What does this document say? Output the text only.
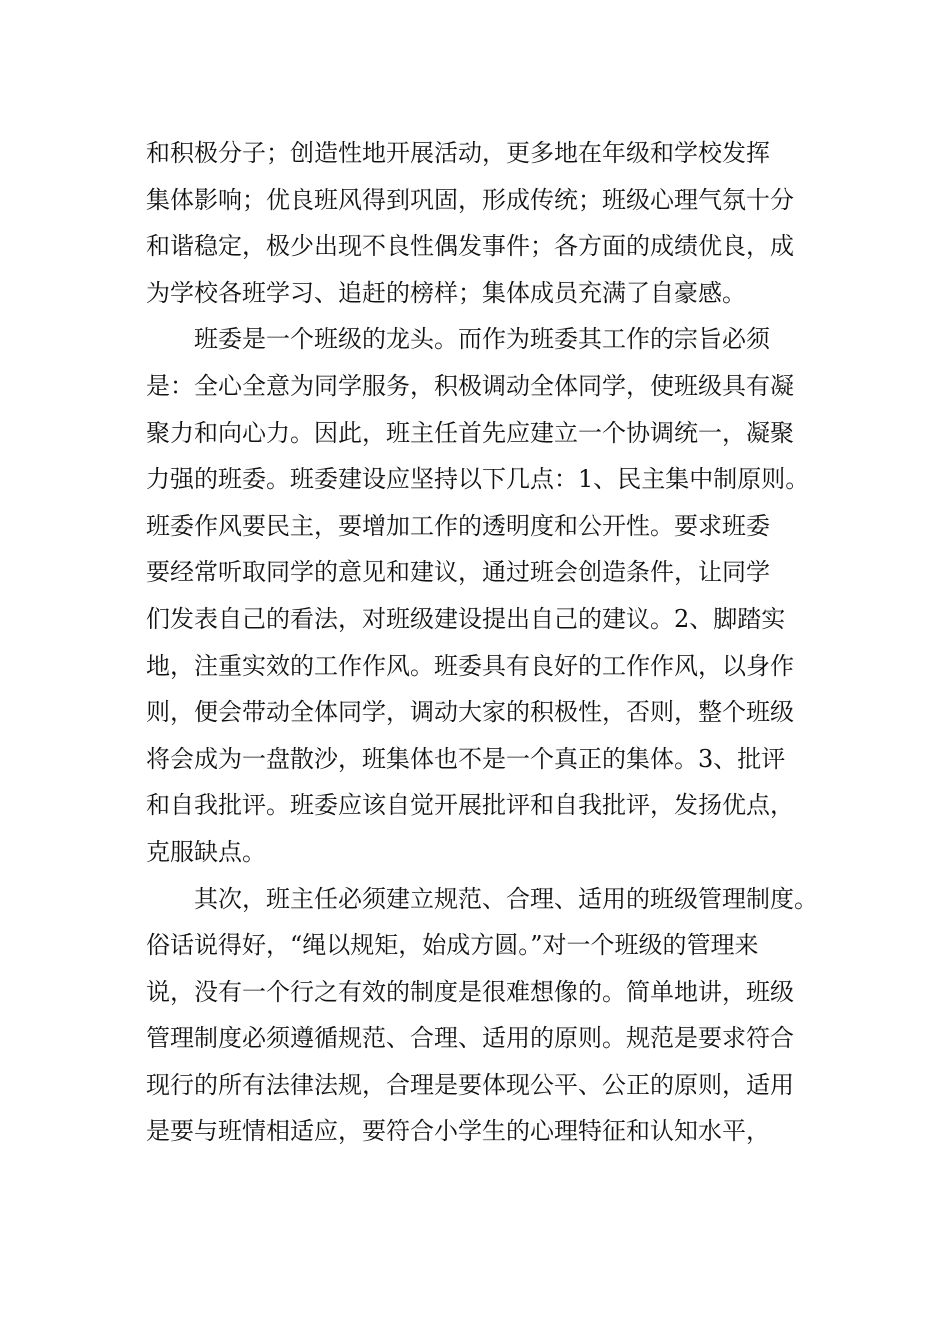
和积极分子；创造性地开展活动，更多地在年级和学校发挥
集体影响；优良班风得到巩固，形成传统；班级心理气氛十分
和谐稳定，极少出现不良性偶发事件；各方面的成绩优良，成
为学校各班学习、追赶的榜样；集体成员充满了自豪感。
班委是一个班级的龙头。而作为班委其工作的宗旨必须
是：全心全意为同学服务，积极调动全体同学，使班级具有凝
聚力和向心力。因此，班主任首先应建立一个协调统一，凝聚
力强的班委。班委建设应坚持以下几点：1、民主集中制原则。
班委作风要民主，要增加工作的透明度和公开性。要求班委
要经常听取同学的意见和建议，通过班会创造条件，让同学
们发表自己的看法，对班级建设提出自己的建议。2、脚踏实
地，注重实效的工作作风。班委具有良好的工作作风，以身作
则，便会带动全体同学，调动大家的积极性，否则，整个班级
将会成为一盘散沙，班集体也不是一个真正的集体。3、批评
和自我批评。班委应该自觉开展批评和自我批评，发扬优点，
克服缺点。
其次，班主任必须建立规范、合理、适用的班级管理制度。
俗话说得好，“绳以规矩，始成方圆。”对一个班级的管理来
说，没有一个行之有效的制度是很难想像的。简单地讲，班级
管理制度必须遵循规范、合理、适用的原则。规范是要求符合
现行的所有法律法规，合理是要体现公平、公正的原则，适用
是要与班情相适应，要符合小学生的心理特征和认知水平，
